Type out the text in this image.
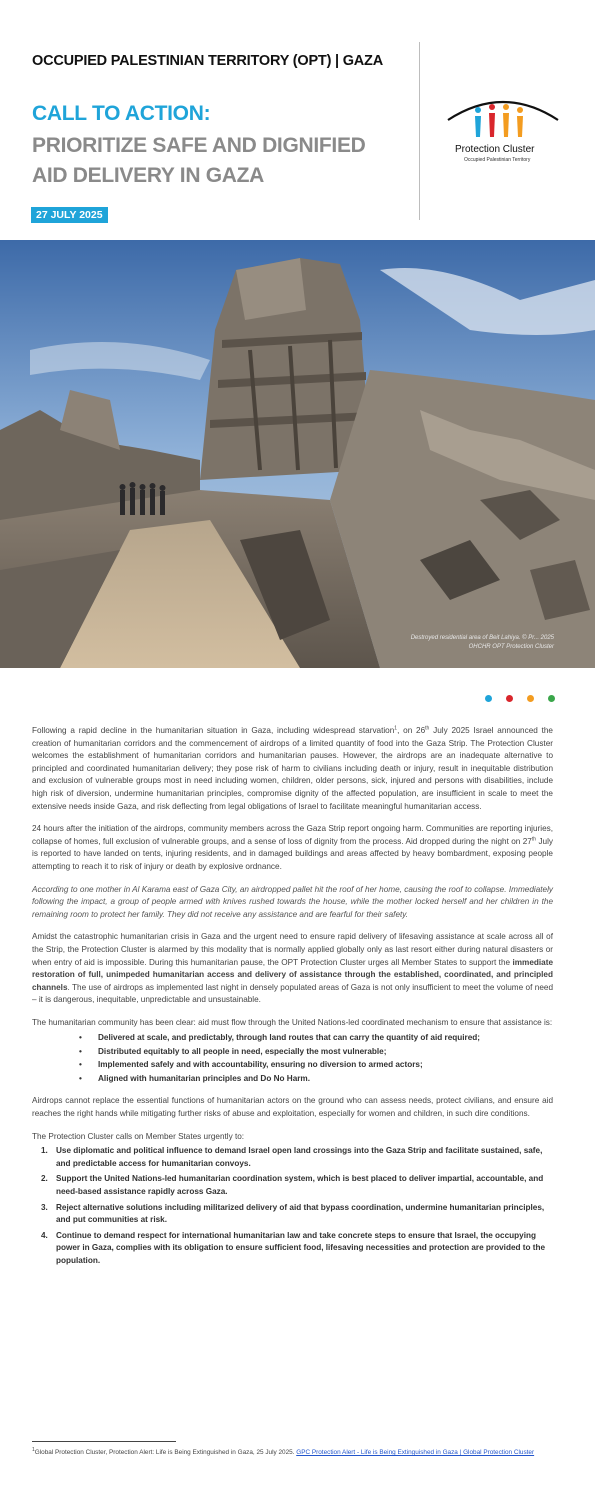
OCCUPIED PALESTINIAN TERRITORY (OPT) | GAZA
CALL TO ACTION:
PRIORITIZE SAFE AND DIGNIFIED
AID DELIVERY IN GAZA
27 JULY 2025
Protection Cluster
Occupied Palestinian Territory
Destroyed residential area of Beit Lahiya. © Pr... 2025
OHCHR OPT Protection Cluster

Following a rapid decline in the humanitarian situation in Gaza, including widespread starvation$^1$, on 26th July 2025 Israel announced the creation of humanitarian corridors and the commencement of airdrops of a limited quantity of food into the Gaza Strip. The Protection Cluster welcomes the establishment of humanitarian corridors and humanitarian pauses. However, the airdrops are an inadequate alternative to principled and coordinated humanitarian delivery; they pose risk of harm to civilians including death or injury, result in inequitable distribution and exclusion of vulnerable groups most in need including women, children, older persons, sick, injured and persons with disabilities, include high risk of diversion, undermine humanitarian principles, compromise dignity of the affected population, are insufficient in scale to meet the extensive needs inside Gaza, and risk deflecting from legal obligations of Israel to facilitate meaningful humanitarian access.

24 hours after the initiation of the airdrops, community members across the Gaza Strip report ongoing harm. Communities are reporting injuries, collapse of homes, full exclusion of vulnerable groups, and a sense of loss of dignity from the process. Aid dropped during the night on 27th July is reported to have landed on tents, injuring residents, and in damaged buildings and areas affected by heavy bombardment, exposing people attempting to reach it to risk of injury or death by explosive ordnance.

According to one mother in Al Karama east of Gaza City, an airdropped pallet hit the roof of her home, causing the roof to collapse. Immediately following the impact, a group of people armed with knives rushed towards the house, while the mother locked herself and her children in the remaining room to protect her family. They did not receive any assistance and are fearful for their safety.

Amidst the catastrophic humanitarian crisis in Gaza and the urgent need to ensure rapid delivery of lifesaving assistance at scale across all of the Strip, the Protection Cluster is alarmed by this modality that is normally applied globally only as last resort either during natural disasters or when entry of aid is impossible. During this humanitarian pause, the OPT Protection Cluster urges all Member States to support the immediate restoration of full, unimpeded humanitarian access and delivery of assistance through the established, coordinated, and principled channels. The use of airdrops as implemented last night in densely populated areas of Gaza is not only insufficient to meet the volume of need – it is dangerous, inequitable, unpredictable and unsustainable.

The humanitarian community has been clear: aid must flow through the United Nations-led coordinated mechanism to ensure that assistance is:

• Delivered at scale, and predictably, through land routes that can carry the quantity of aid required;
• Distributed equitably to all people in need, especially the most vulnerable;
• Implemented safely and with accountability, ensuring no diversion to armed actors;
• Aligned with humanitarian principles and Do No Harm.

Airdrops cannot replace the essential functions of humanitarian actors on the ground who can assess needs, protect civilians, and ensure aid reaches the right hands while mitigating further risks of abuse and exploitation, especially for women and children, in such dire conditions.

The Protection Cluster calls on Member States urgently to:

1. Use diplomatic and political influence to demand Israel open land crossings into the Gaza Strip and facilitate sustained, safe, and predictable access for humanitarian convoys.
2. Support the United Nations-led humanitarian coordination system, which is best placed to deliver impartial, accountable, and need-based assistance rapidly across Gaza.
3. Reject alternative solutions including militarized delivery of aid that bypass coordination, undermine humanitarian principles, and put communities at risk.
4. Continue to demand respect for international humanitarian law and take concrete steps to ensure that Israel, the occupying power in Gaza, complies with its obligation to ensure sufficient food, lifesaving necessities and protection are provided to the population.
$^1$Global Protection Cluster, Protection Alert: Life is Being Extinguished in Gaza, 25 July 2025. GPC Protection Alert - Life is Being Extinguished in Gaza | Global Protection Cluster
